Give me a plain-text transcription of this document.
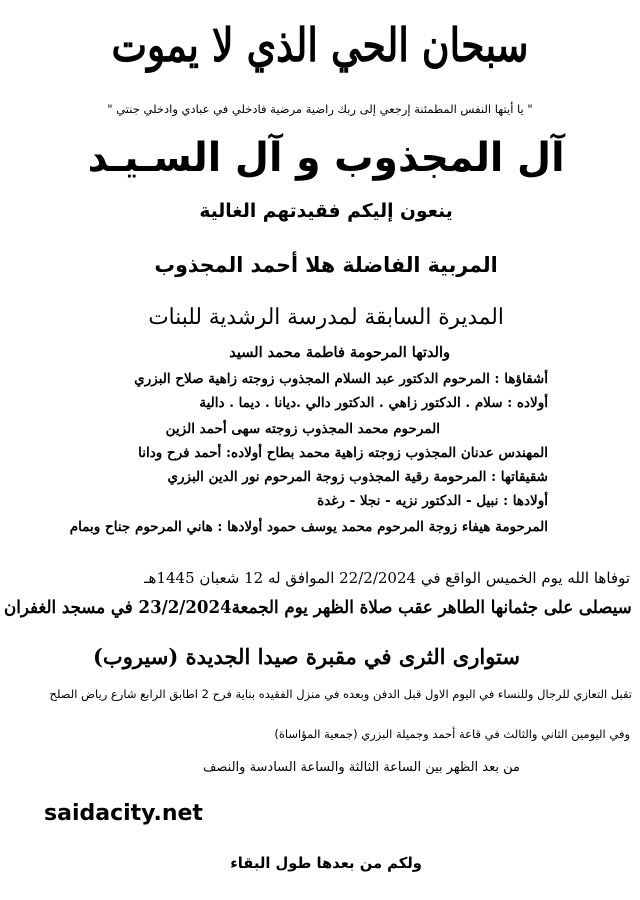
سبحان الحي الذي لا يموت
" يا أيتها النفس المطمئنة إرجعي إلى ربك راضية مرضية فادخلي في عبادي وادخلي جنتي "
آل المجذوب و آل السـيـد
ينعون إليكم فقيدتهم الغالية
المربية الفاضلة هلا أحمد المجذوب
المديرة السابقة لمدرسة الرشدية للبنات
والدتها المرحومة فاطمة محمد السيد
أشقاؤها : المرحوم الدكتور عبد السلام المجذوب زوجته زاهية صلاح البزري
أولاده : سلام . الدكتور زاهي . الدكتور دالي .ديانا . ديما . دالية
المرحوم محمد المجذوب زوجته سهى أحمد الزين
المهندس عدنان المجذوب زوجته زاهية محمد بطاح أولاده: أحمد فرح ودانا
شقيقاتها : المرحومة رقية المجذوب زوجة المرحوم نور الدين البزري
أولادها : نبيل - الدكتور نزيه - نجلا - رغدة
المرحومة هيفاء زوجة المرحوم محمد يوسف حمود أولادها : هاني المرحوم جناح وبمام
توفاها الله يوم الخميس الواقع في 22/2/2024 الموافق له 12 شعبان 1445هـ
سيصلى على جثمانها الطاهر عقب صلاة الظهر يوم الجمعة23/2/2024 في مسجد الغفران
ستوارى الثرى في مقبرة صيدا الجديدة (سيروب)
تقبل التعازي للرجال وللنساء في اليوم الاول قبل الدفن وبعده في منزل الفقيده بناية فرح 2 اطابق الرابع شارع رياض الصلح
وفي اليومين الثاني والثالث في قاعة أحمد وجميلة البزري (جمعية المؤاساة)
من بعد الظهر بين الساعة الثالثة والساعة السادسة والنصف
saidacity.net
ولكم من بعدها طول البقاء
